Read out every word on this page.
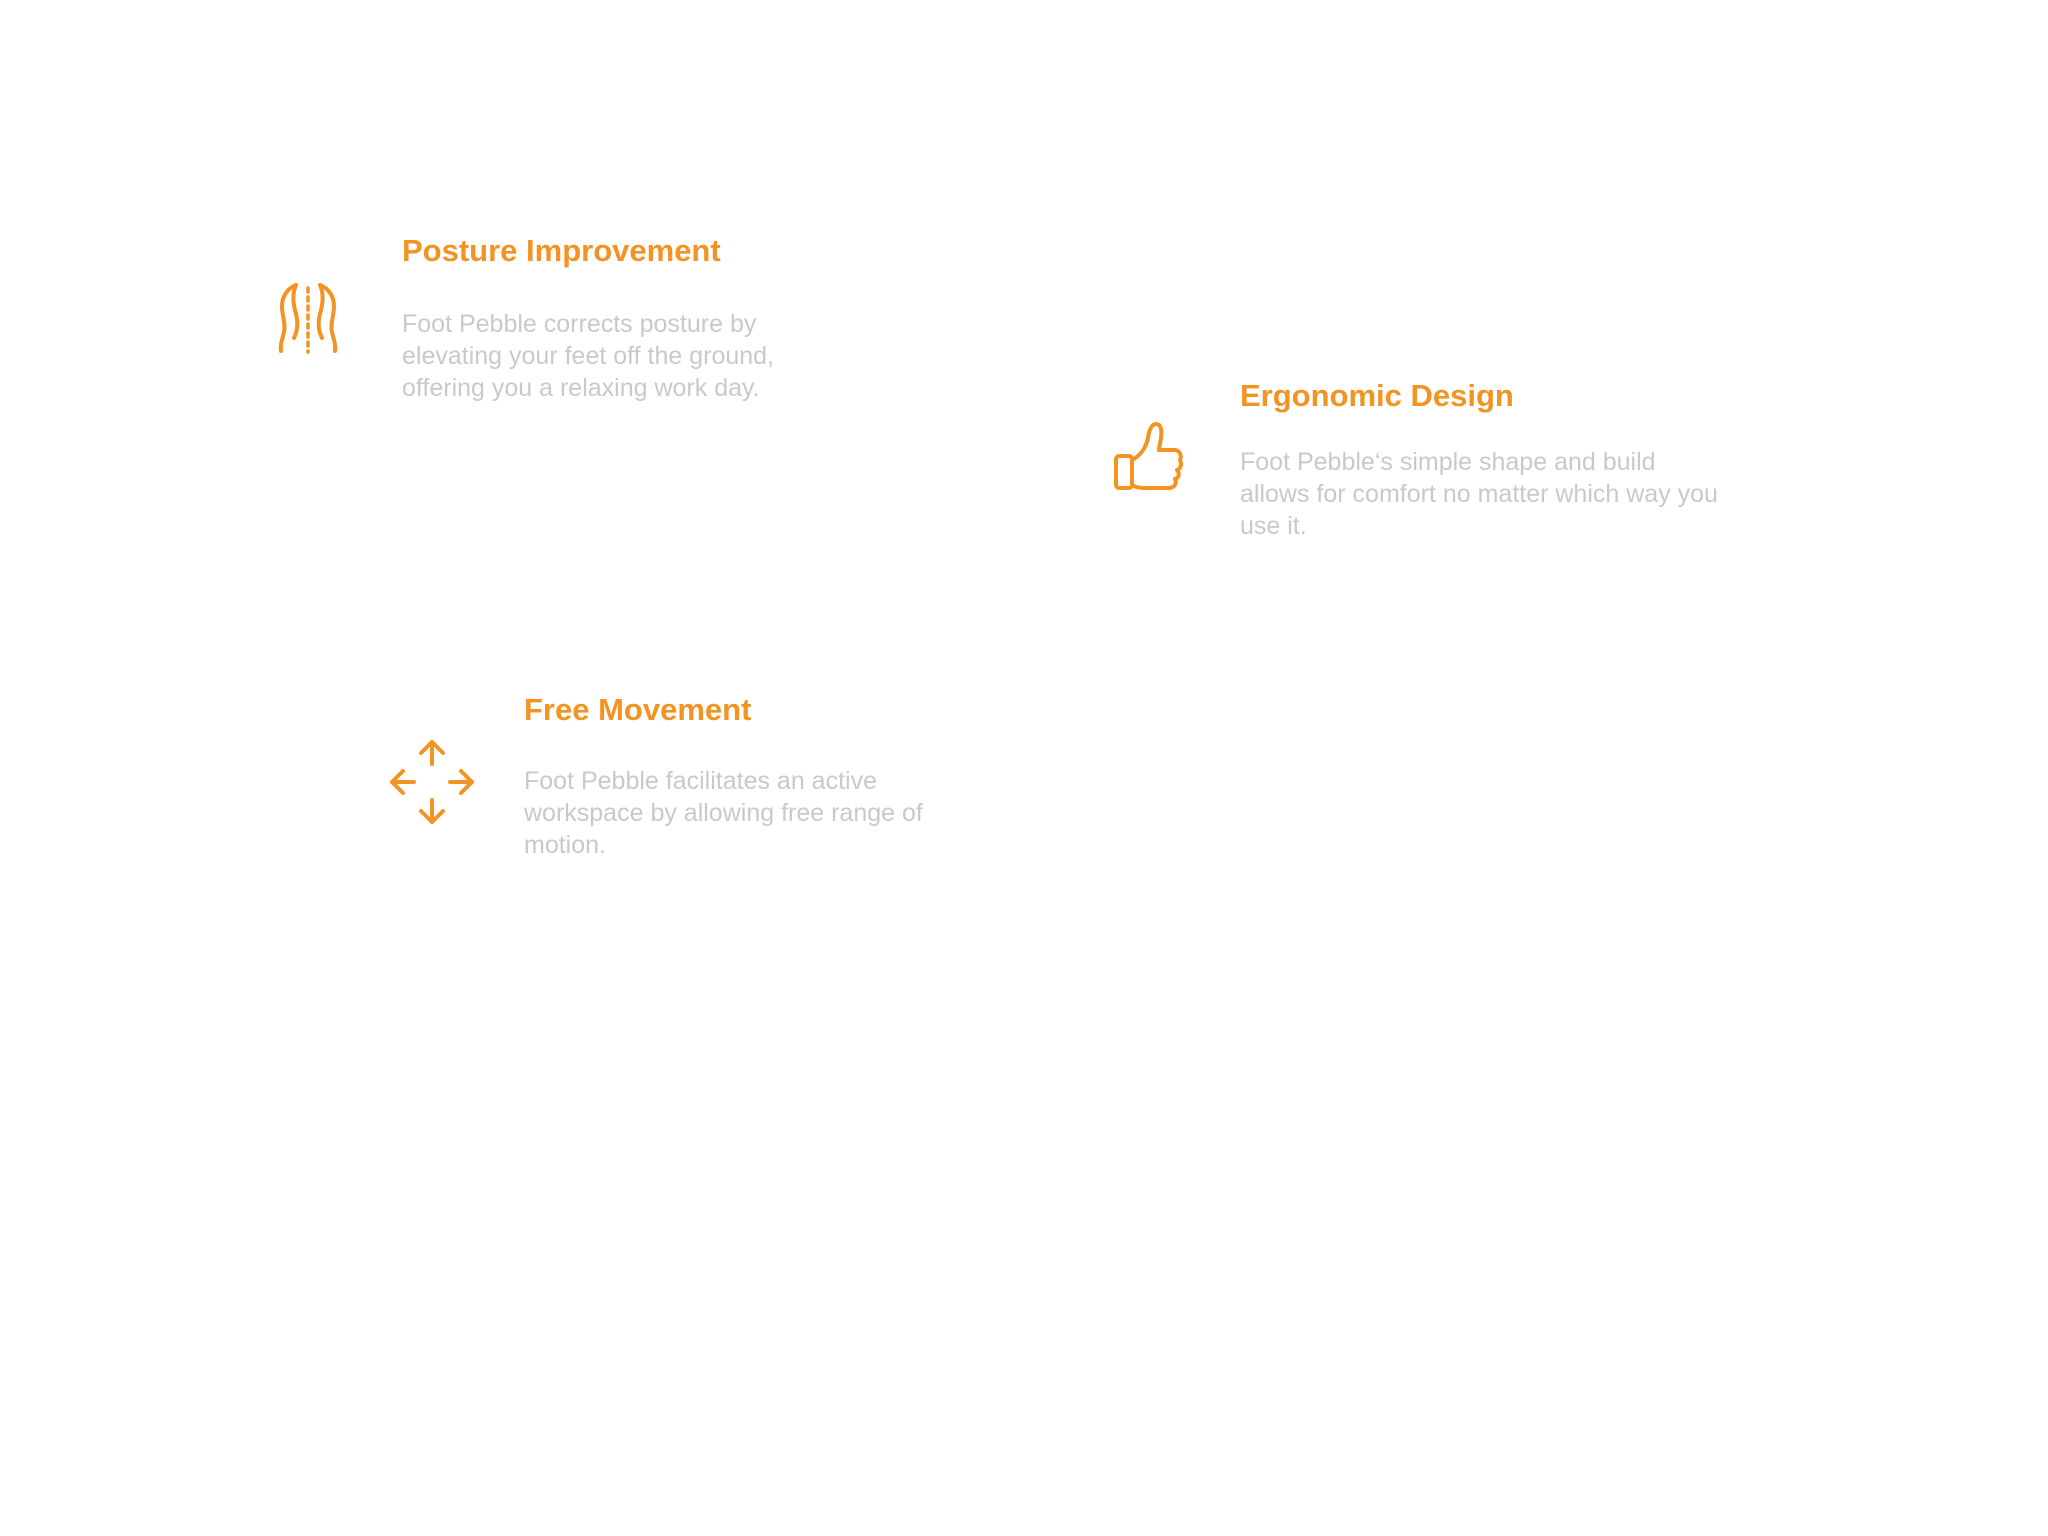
Posture Improvement

Foot Pebble corrects posture by elevating your feet off the ground, offering you a relaxing work day.	Ergonomic Design

Foot Pebble‘s simple shape and build allows for comfort no matter which way you use it.

Free Movement

Foot Pebble facilitates an active workspace by allowing free range of motion.
